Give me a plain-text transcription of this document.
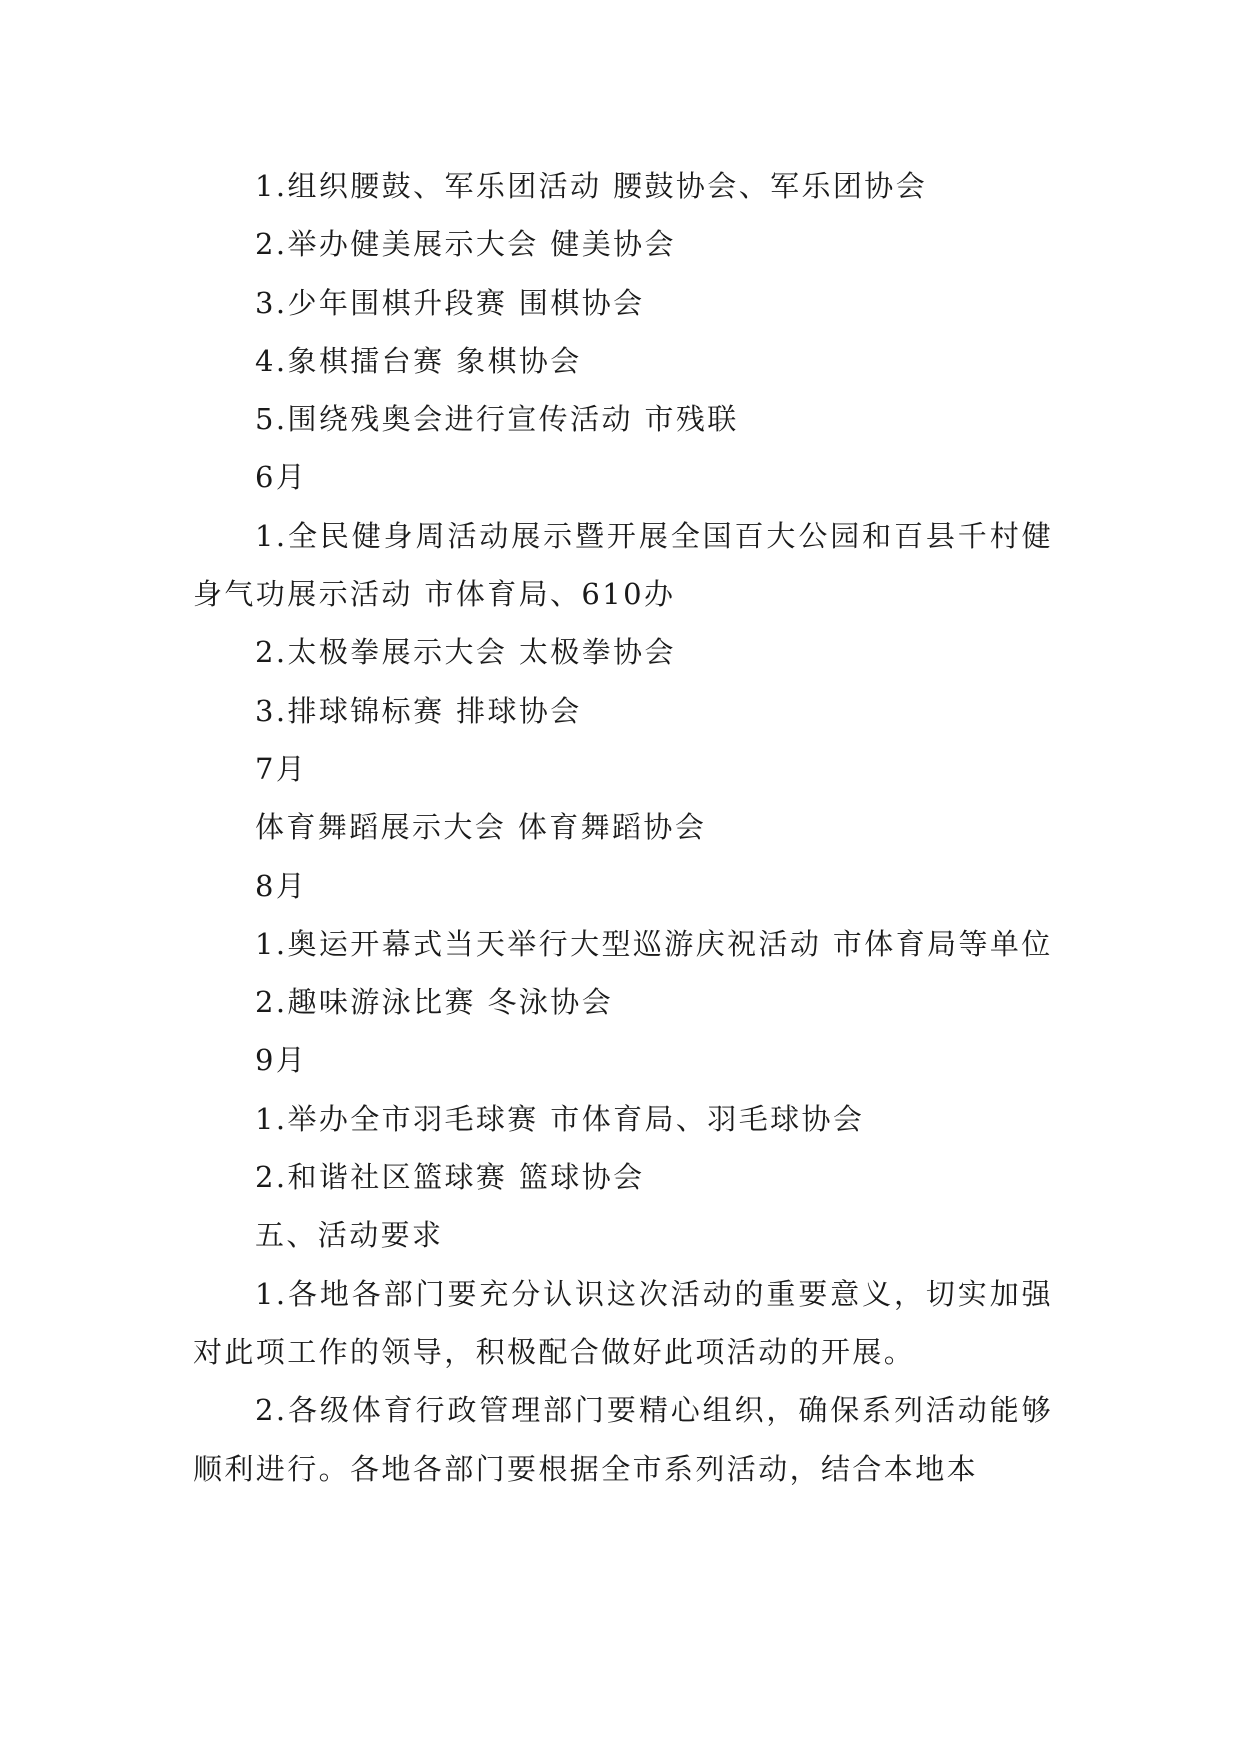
1.组织腰鼓、军乐团活动 腰鼓协会、军乐团协会

2.举办健美展示大会 健美协会

3.少年围棋升段赛 围棋协会

4.象棋擂台赛 象棋协会

5.围绕残奥会进行宣传活动 市残联

6月

1.全民健身周活动展示暨开展全国百大公园和百县千村健身气功展示活动 市体育局、610办

2.太极拳展示大会 太极拳协会

3.排球锦标赛 排球协会

7月

体育舞蹈展示大会 体育舞蹈协会

8月

1.奥运开幕式当天举行大型巡游庆祝活动 市体育局等单位

2.趣味游泳比赛 冬泳协会

9月

1.举办全市羽毛球赛 市体育局、羽毛球协会

2.和谐社区篮球赛 篮球协会

五、活动要求

1.各地各部门要充分认识这次活动的重要意义，切实加强对此项工作的领导，积极配合做好此项活动的开展。

2.各级体育行政管理部门要精心组织，确保系列活动能够顺利进行。各地各部门要根据全市系列活动，结合本地本
